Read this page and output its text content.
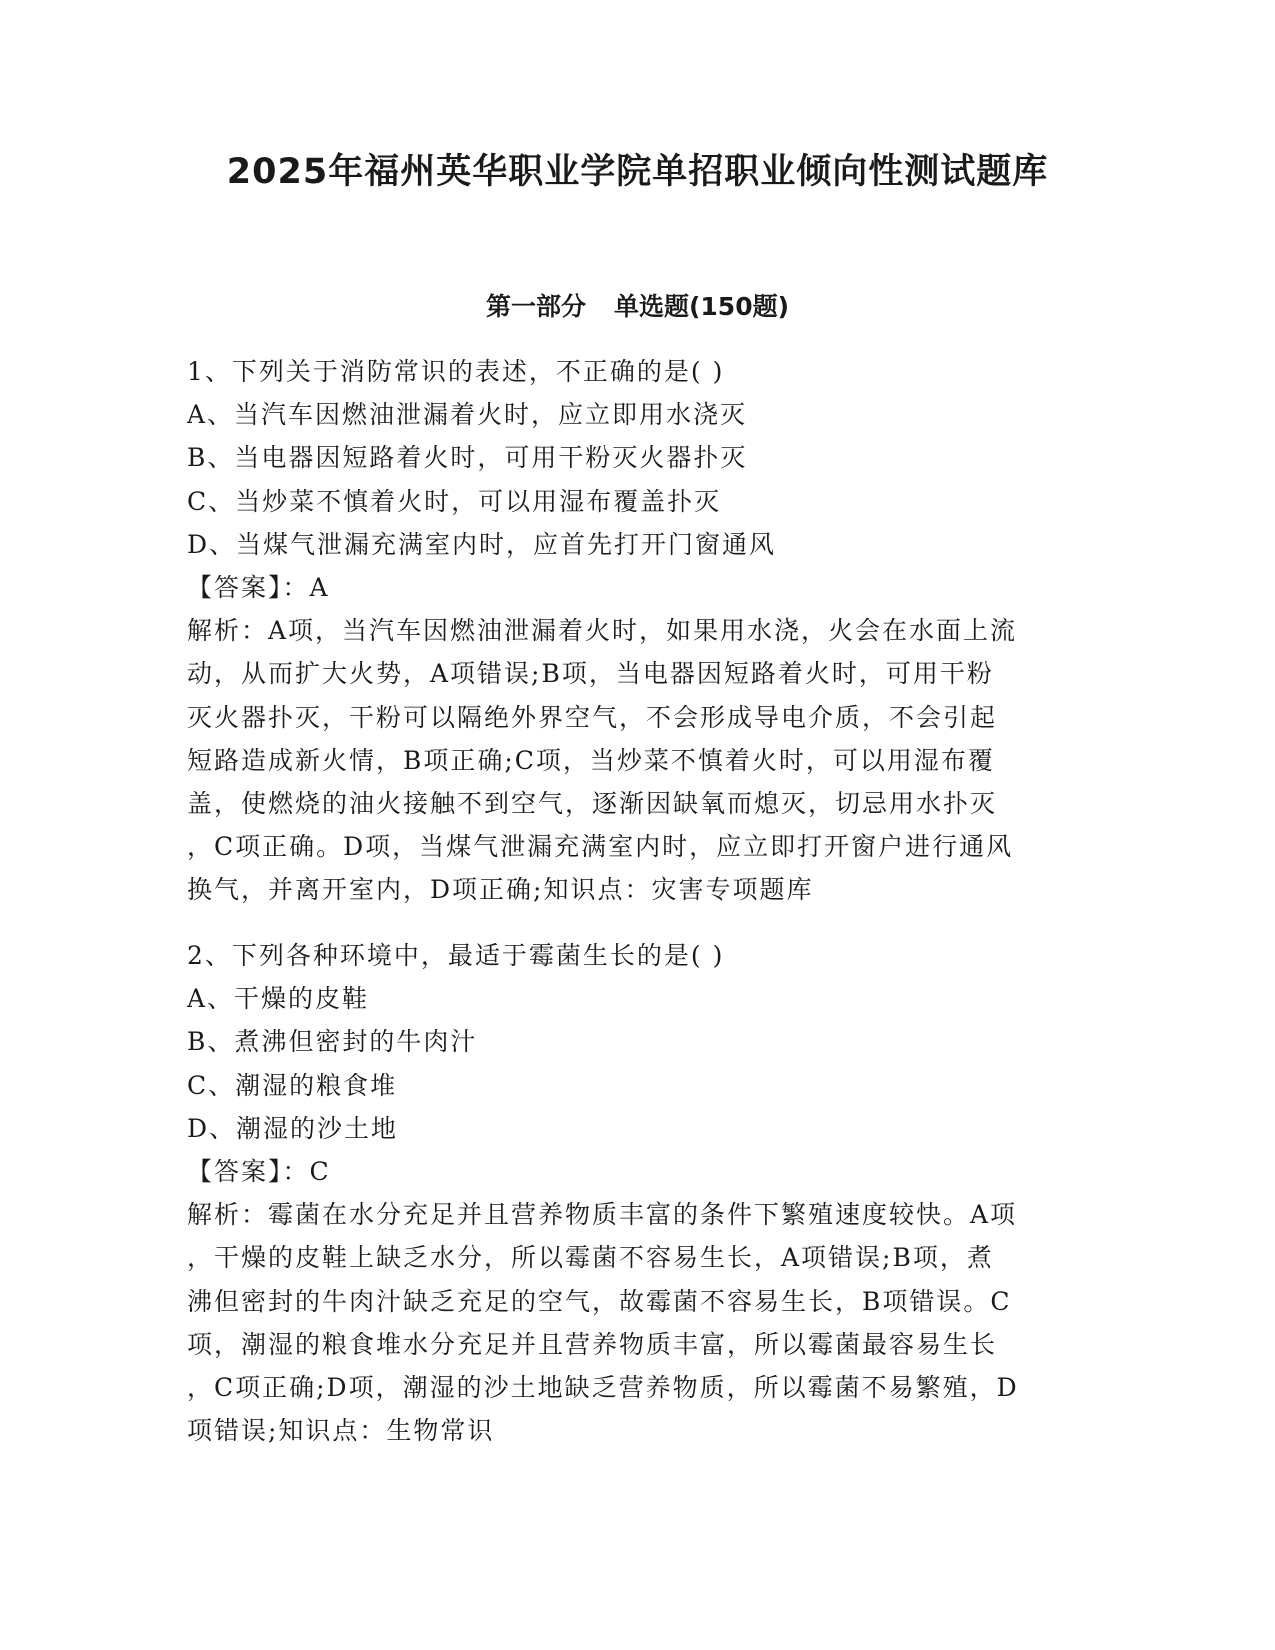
2025年福州英华职业学院单招职业倾向性测试题库
第一部分 单选题(150题)
1、下列关于消防常识的表述，不正确的是( )
A、当汽车因燃油泄漏着火时，应立即用水浇灭
B、当电器因短路着火时，可用干粉灭火器扑灭
C、当炒菜不慎着火时，可以用湿布覆盖扑灭
D、当煤气泄漏充满室内时，应首先打开门窗通风
【答案】：A
解析：A项，当汽车因燃油泄漏着火时，如果用水浇，火会在水面上流
动，从而扩大火势，A项错误;B项，当电器因短路着火时，可用干粉
灭火器扑灭，干粉可以隔绝外界空气，不会形成导电介质，不会引起
短路造成新火情，B项正确;C项，当炒菜不慎着火时，可以用湿布覆
盖，使燃烧的油火接触不到空气，逐渐因缺氧而熄灭，切忌用水扑灭
，C项正确。D项，当煤气泄漏充满室内时，应立即打开窗户进行通风
换气，并离开室内，D项正确;知识点：灾害专项题库
2、下列各种环境中，最适于霉菌生长的是( )
A、干燥的皮鞋
B、煮沸但密封的牛肉汁
C、潮湿的粮食堆
D、潮湿的沙土地
【答案】：C
解析：霉菌在水分充足并且营养物质丰富的条件下繁殖速度较快。A项
，干燥的皮鞋上缺乏水分，所以霉菌不容易生长，A项错误;B项，煮
沸但密封的牛肉汁缺乏充足的空气，故霉菌不容易生长，B项错误。C
项，潮湿的粮食堆水分充足并且营养物质丰富，所以霉菌最容易生长
，C项正确;D项，潮湿的沙土地缺乏营养物质，所以霉菌不易繁殖，D
项错误;知识点：生物常识
